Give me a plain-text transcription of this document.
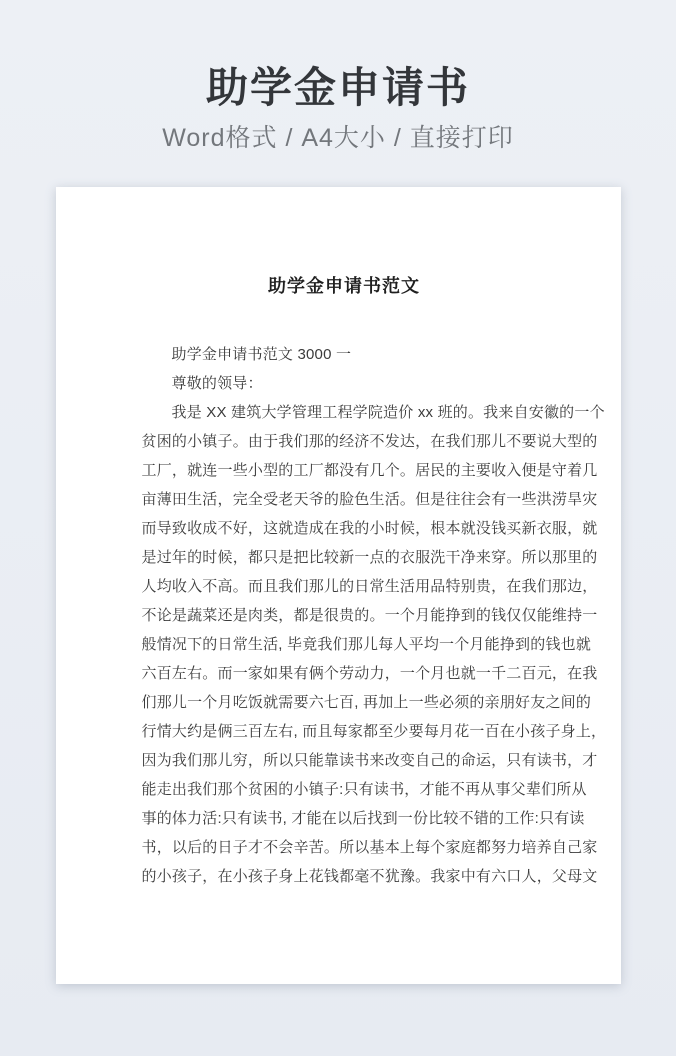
助学金申请书

Word格式 / A4大小 / 直接打印

助学金申请书范文
助学金申请书范文 3000 一
尊敬的领导：
我是 XX 建筑大学管理工程学院造价 xx 班的。我来自安徽的一个
贫困的小镇子。由于我们那的经济不发达，在我们那儿不要说大型的
工厂，就连一些小型的工厂都没有几个。居民的主要收入便是守着几
亩薄田生活，完全受老天爷的脸色生活。但是往往会有一些洪涝旱灾
而导致收成不好，这就造成在我的小时候，根本就没钱买新衣服，就
是过年的时候，都只是把比较新一点的衣服洗干净来穿。所以那里的
人均收入不高。而且我们那儿的日常生活用品特别贵，在我们那边，
不论是蔬菜还是肉类，都是很贵的。一个月能挣到的钱仅仅能维持一
般情况下的日常生活, 毕竟我们那儿每人平均一个月能挣到的钱也就
六百左右。而一家如果有俩个劳动力，一个月也就一千二百元，在我
们那儿一个月吃饭就需要六七百, 再加上一些必须的亲朋好友之间的
行情大约是俩三百左右, 而且每家都至少要每月花一百在小孩子身上，
因为我们那儿穷，所以只能靠读书来改变自己的命运，只有读书，才
能走出我们那个贫困的小镇子:只有读书，才能不再从事父辈们所从
事的体力活:只有读书, 才能在以后找到一份比较不错的工作:只有读
书，以后的日子才不会辛苦。所以基本上每个家庭都努力培养自己家
的小孩子，在小孩子身上花钱都毫不犹豫。我家中有六口人，父母文
